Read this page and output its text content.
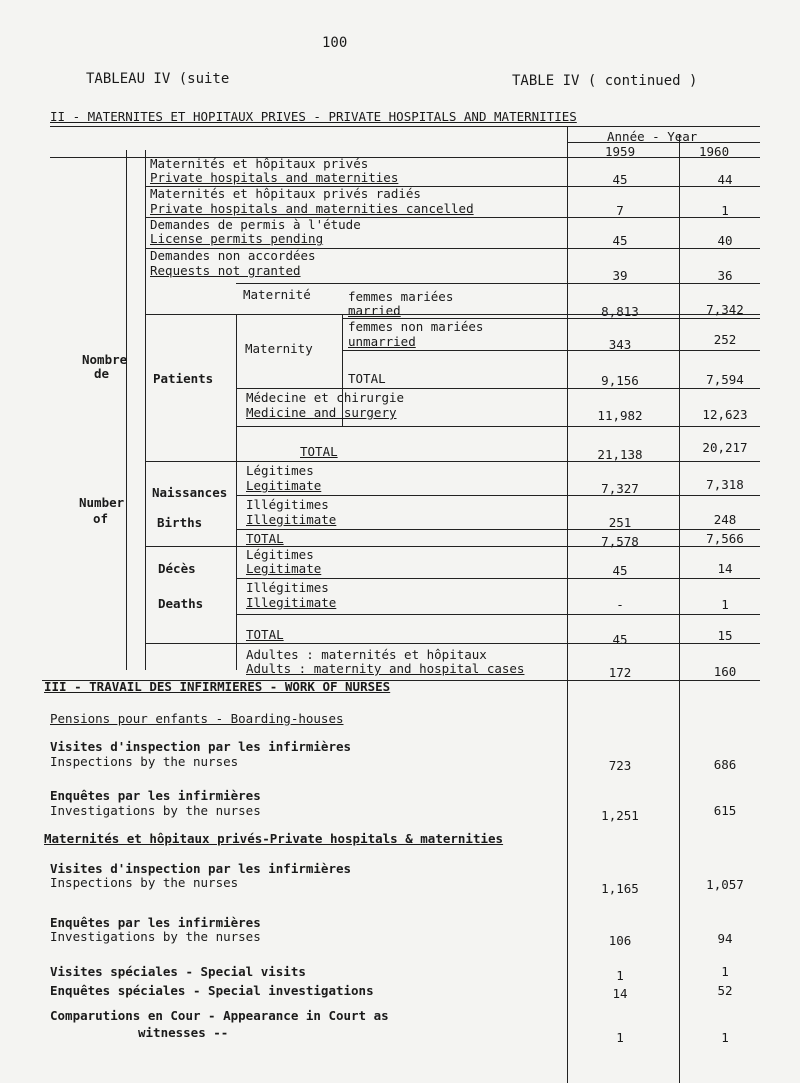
100
TABLEAU IV (suite	TABLE IV ( continued )
II - MATERNITES ET HOPITAUX PRIVES - PRIVATE HOSPITALS AND MATERNITIES
Année - Year
1959	1960
Maternités et hôpitaux privés
Private hospitals and maternities	45	44
Maternités et hôpitaux privés radiés
Private hospitals and maternities cancelled	7	1
Demandes de permis à l'étude
License permits pending	45	40
Demandes non accordées
Requests not granted	39	36
Nombre
de
Number
of
Patients
Maternité
Maternity
femmes mariées
married	8,813	7,342
femmes non mariées
unmarried	343	252
TOTAL	9,156	7,594
Médecine et chirurgie
Medicine and surgery	11,982	12,623
TOTAL	21,138	20,217
Naissances
Births
Légitimes
Legitimate	7,327	7,318
Illégitimes
Illegitimate	251	248
TOTAL	7,578	7,566
Décès
Deaths
Légitimes
Legitimate	45	14
Illégitimes
Illegitimate	-	1
TOTAL	45	15
Adultes : maternités et hôpitaux
Adults : maternity and hospital cases	172	160
III - TRAVAIL DES INFIRMIERES - WORK OF NURSES
Pensions pour enfants - Boarding-houses
Visites d'inspection par les infirmières
Inspections by the nurses	723	686
Enquêtes par les infirmières
Investigations by the nurses	1,251	615
Maternités et hôpitaux privés-Private hospitals & maternities
Visites d'inspection par les infirmières
Inspections by the nurses	1,165	1,057
Enquêtes par les infirmières
Investigations by the nurses	106	94
Visites spéciales - Special visits	1	1
Enquêtes spéciales - Special investigations	14	52
Comparutions en Cour - Appearance in Court as
witnesses --	1	1
